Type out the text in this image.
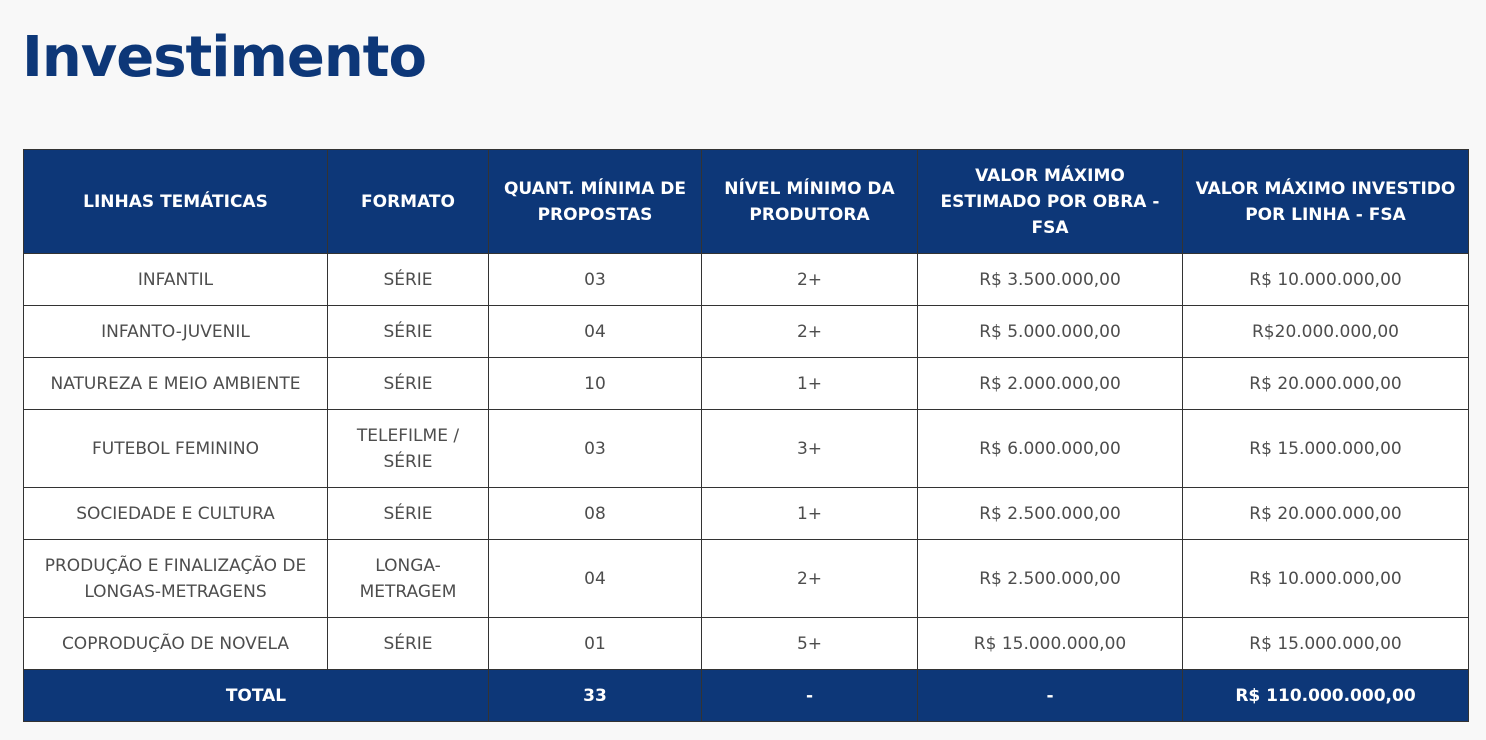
Investimento
LINHAS TEMÁTICAS	FORMATO	QUANT. MÍNIMA DE PROPOSTAS	NÍVEL MÍNIMO DA PRODUTORA	VALOR MÁXIMO ESTIMADO POR OBRA - FSA	VALOR MÁXIMO INVESTIDO POR LINHA - FSA
INFANTIL	SÉRIE	03	2+	R$ 3.500.000,00	R$ 10.000.000,00
INFANTO-JUVENIL	SÉRIE	04	2+	R$ 5.000.000,00	R$20.000.000,00
NATUREZA E MEIO AMBIENTE	SÉRIE	10	1+	R$ 2.000.000,00	R$ 20.000.000,00
FUTEBOL FEMININO	TELEFILME / SÉRIE	03	3+	R$ 6.000.000,00	R$ 15.000.000,00
SOCIEDADE E CULTURA	SÉRIE	08	1+	R$ 2.500.000,00	R$ 20.000.000,00
PRODUÇÃO E FINALIZAÇÃO DE LONGAS-METRAGENS	LONGA-METRAGEM	04	2+	R$ 2.500.000,00	R$ 10.000.000,00
COPRODUÇÃO DE NOVELA	SÉRIE	01	5+	R$ 15.000.000,00	R$ 15.000.000,00
TOTAL		33	-	-	R$ 110.000.000,00
